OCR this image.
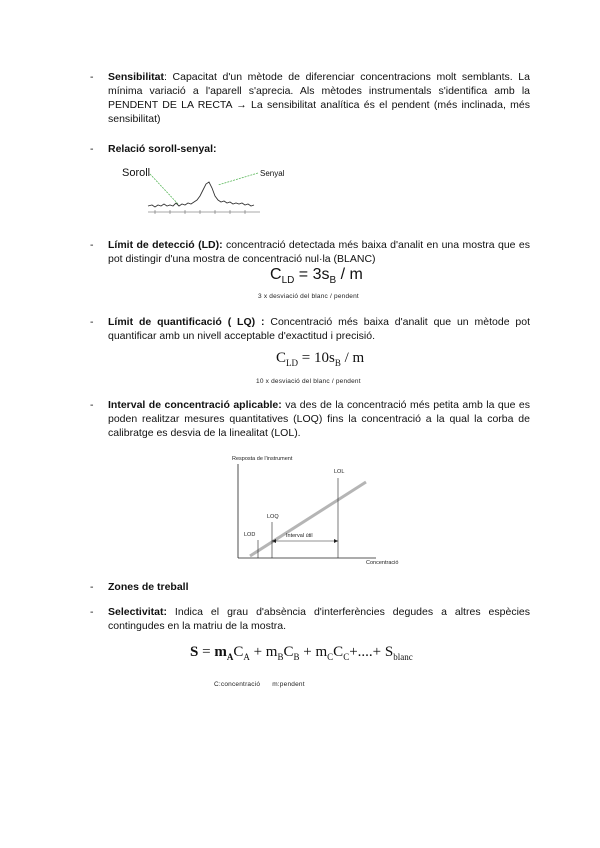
- Sensibilitat: Capacitat d'un mètode de diferenciar concentracions molt semblants. La mínima variació a l'aparell s'aprecia. Als mètodes instrumentals s'identifica amb la PENDENT DE LA RECTA → La sensibilitat analítica és el pendent (més inclinada, més sensibilitat)
- Relació soroll-senyal:
Soroll	Senyal
- Límit de detecció (LD): concentració detectada més baixa d'analit en una mostra que es pot distingir d'una mostra de concentració nul·la (BLANC)
$C_{LD} = 3s_B / m$
3 x desviació del blanc / pendent
- Límit de quantificació ( LQ) : Concentració més baixa d'analit que un mètode pot quantificar amb un nivell acceptable d'exactitud i precisió.
$C_{LD} = 10s_B / m$
10 x desviació del blanc / pendent
- Interval de concentració aplicable: va des de la concentració més petita amb la que es poden realitzar mesures quantitatives (LOQ) fins la concentració a la qual la corba de calibratge es desvia de la linealitat (LOL).
Resposta de l'instrument
Concentració
LOL
LOQ
LOD	Interval útil
- Zones de treball
- Selectivitat: Indica el grau d'absència d'interferències degudes a altres espècies contingudes en la matriu de la mostra.
$S = m_AC_A + m_BC_B + m_CC_C+....+ S_{blanc}$
C:concentració      m:pendent
